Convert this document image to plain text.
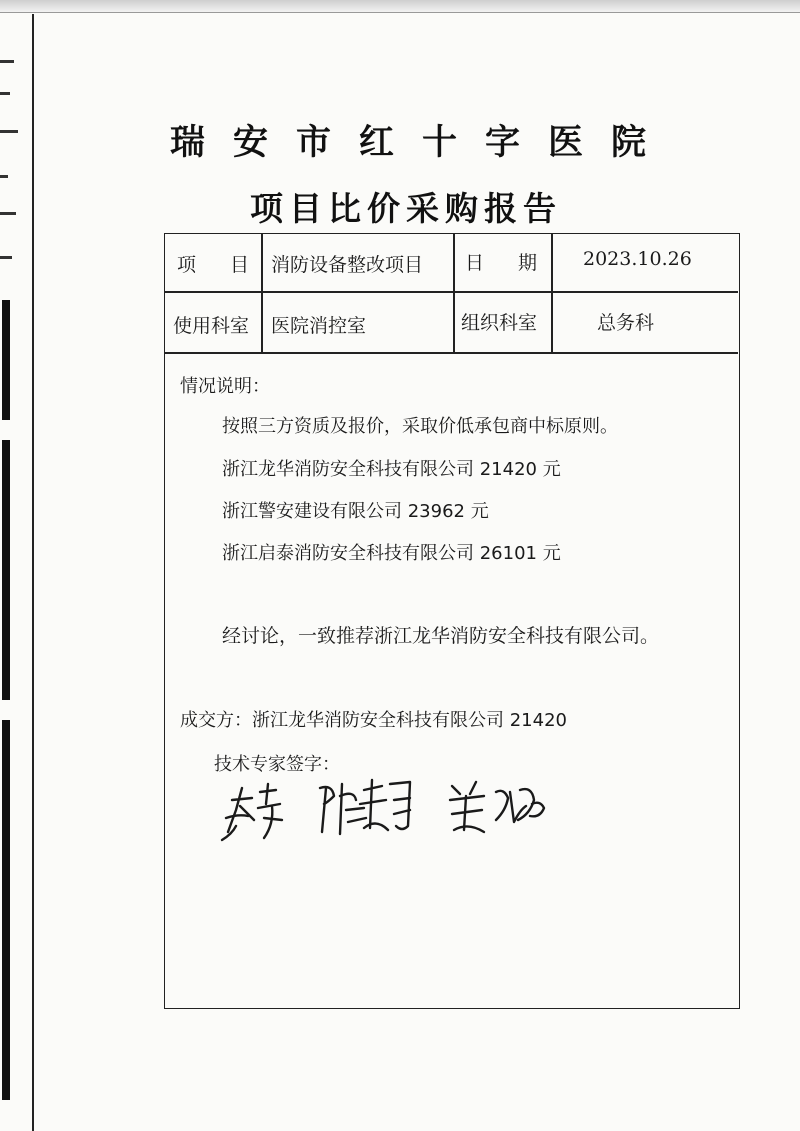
瑞安市红十字医院
项目比价采购报告
项 目 消防设备整改项目 日 期 2023.10.26
使用科室 医院消控室	组织科室	总务科
情况说明：
按照三方资质及报价，采取价低承包商中标原则。
浙江龙华消防安全科技有限公司 21420 元
浙江警安建设有限公司 23962 元
浙江启泰消防安全科技有限公司 26101 元
经讨论，一致推荐浙江龙华消防安全科技有限公司。
成交方：浙江龙华消防安全科技有限公司 21420
技术专家签字：
